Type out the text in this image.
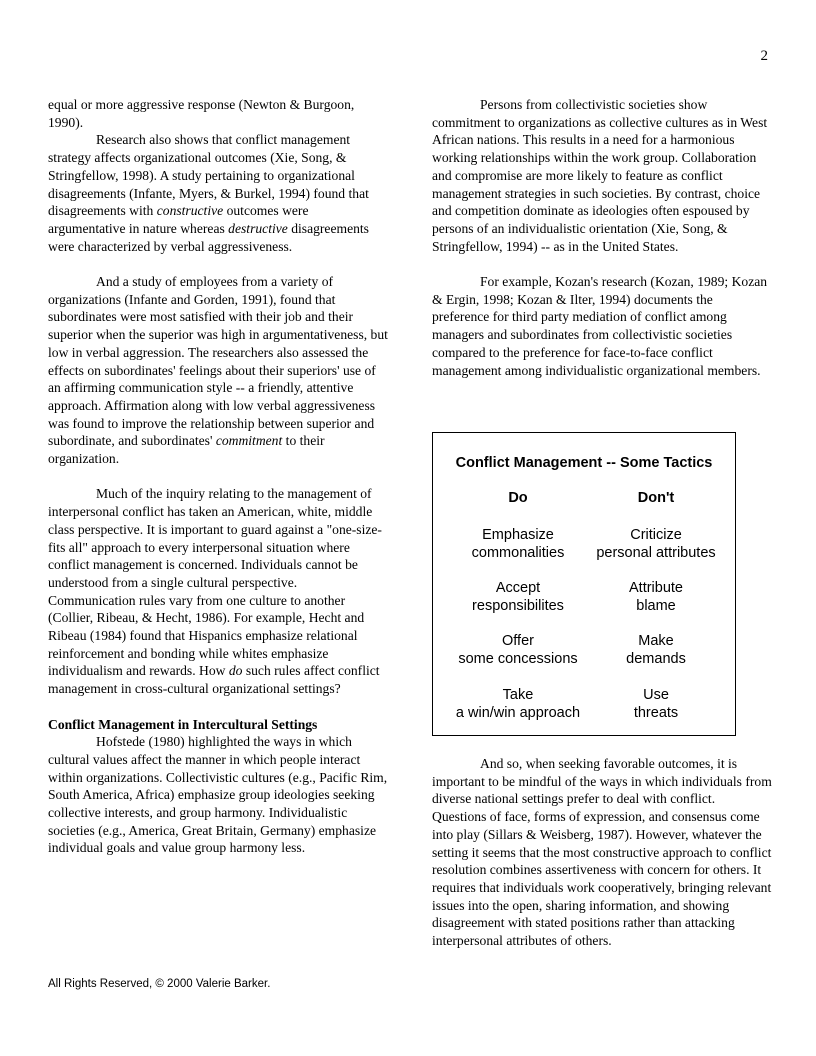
2

equal or more aggressive response (Newton & Burgoon, 1990).

Research also shows that conflict management strategy affects organizational outcomes (Xie, Song, & Stringfellow, 1998). A study pertaining to organizational disagreements (Infante, Myers, & Burkel, 1994) found that disagreements with constructive outcomes were argumentative in nature whereas destructive disagreements were characterized by verbal aggressiveness.

And a study of employees from a variety of organizations (Infante and Gorden, 1991), found that subordinates were most satisfied with their job and their superior when the superior was high in argumentativeness, but low in verbal aggression. The researchers also assessed the effects on subordinates' feelings about their superiors' use of an affirming communication style -- a friendly, attentive approach. Affirmation along with low verbal aggressiveness was found to improve the relationship between superior and subordinate, and subordinates' commitment to their organization.

Much of the inquiry relating to the management of interpersonal conflict has taken an American, white, middle class perspective. It is important to guard against a "one-size-fits all" approach to every interpersonal situation where conflict management is concerned. Individuals cannot be understood from a single cultural perspective. Communication rules vary from one culture to another (Collier, Ribeau, & Hecht, 1986). For example, Hecht and Ribeau (1984) found that Hispanics emphasize relational reinforcement and bonding while whites emphasize individualism and rewards. How do such rules affect conflict management in cross-cultural organizational settings?

Conflict Management in Intercultural Settings

Hofstede (1980) highlighted the ways in which cultural values affect the manner in which people interact within organizations. Collectivistic cultures (e.g., Pacific Rim, South America, Africa) emphasize group ideologies seeking collective interests, and group harmony. Individualistic societies (e.g., America, Great Britain, Germany) emphasize individual goals and value group harmony less.

Persons from collectivistic societies show commitment to organizations as collective cultures as in West African nations. This results in a need for a harmonious working relationships within the work group. Collaboration and compromise are more likely to feature as conflict management strategies in such societies. By contrast, choice and competition dominate as ideologies often espoused by persons of an individualistic orientation (Xie, Song, & Stringfellow, 1994) -- as in the United States.

For example, Kozan's research (Kozan, 1989; Kozan & Ergin, 1998; Kozan & Ilter, 1994) documents the preference for third party mediation of conflict among managers and subordinates from collectivistic societies compared to the preference for face-to-face conflict management among individualistic organizational members.

Conflict Management -- Some Tactics
Do	Don't
Emphasize
commonalities
Criticize
personal attributes
Accept
responsibilites
Attribute
blame
Offer
some concessions
Make
demands
Take
a win/win approach
Use
threats

And so, when seeking favorable outcomes, it is important to be mindful of the ways in which individuals from diverse national settings prefer to deal with conflict. Questions of face, forms of expression, and consensus come into play (Sillars & Weisberg, 1987). However, whatever the setting it seems that the most constructive approach to conflict resolution combines assertiveness with concern for others. It requires that individuals work cooperatively, bringing relevant issues into the open, sharing information, and showing disagreement with stated positions rather than attacking interpersonal attributes of others.

All Rights Reserved, © 2000 Valerie Barker.
